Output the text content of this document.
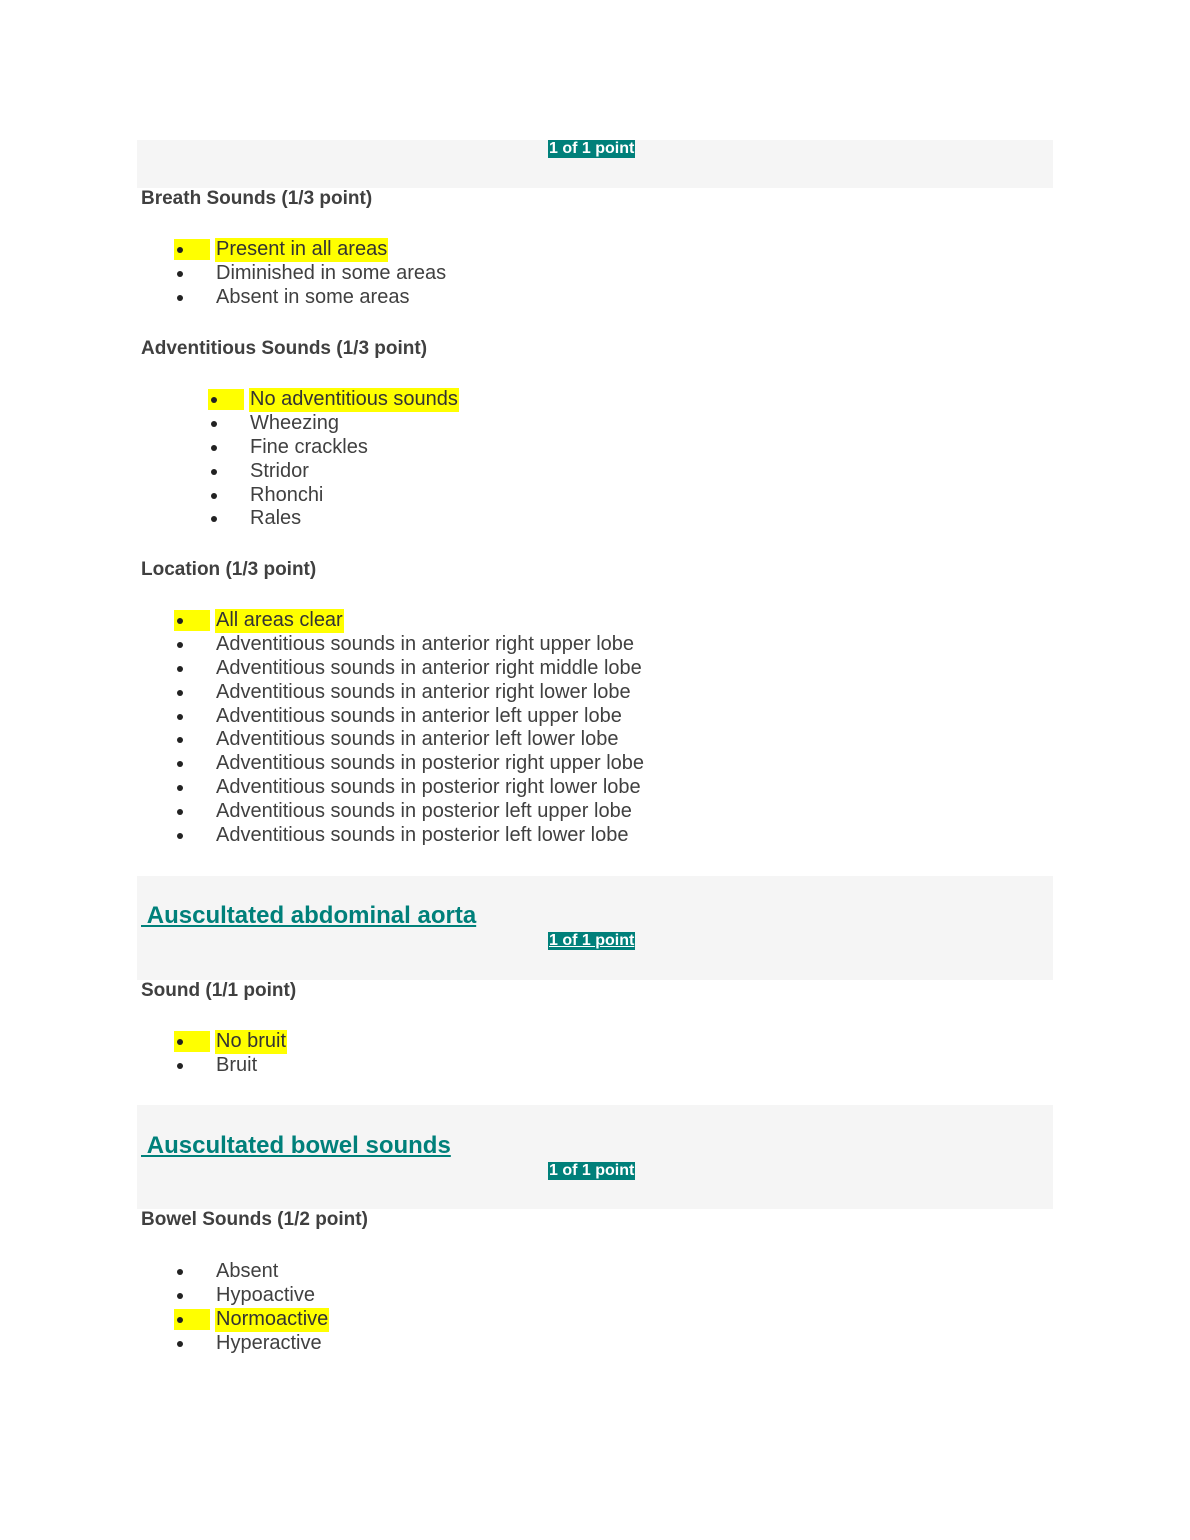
1 of 1 point
Breath Sounds (1/3 point)
Present in all areas
Diminished in some areas
Absent in some areas
Adventitious Sounds (1/3 point)
No adventitious sounds
Wheezing
Fine crackles
Stridor
Rhonchi
Rales
Location (1/3 point)
All areas clear
Adventitious sounds in anterior right upper lobe
Adventitious sounds in anterior right middle lobe
Adventitious sounds in anterior right lower lobe
Adventitious sounds in anterior left upper lobe
Adventitious sounds in anterior left lower lobe
Adventitious sounds in posterior right upper lobe
Adventitious sounds in posterior right lower lobe
Adventitious sounds in posterior left upper lobe
Adventitious sounds in posterior left lower lobe
Auscultated abdominal aorta
1 of 1 point
Sound (1/1 point)
No bruit
Bruit
Auscultated bowel sounds
1 of 1 point
Bowel Sounds (1/2 point)
Absent
Hypoactive
Normoactive
Hyperactive
